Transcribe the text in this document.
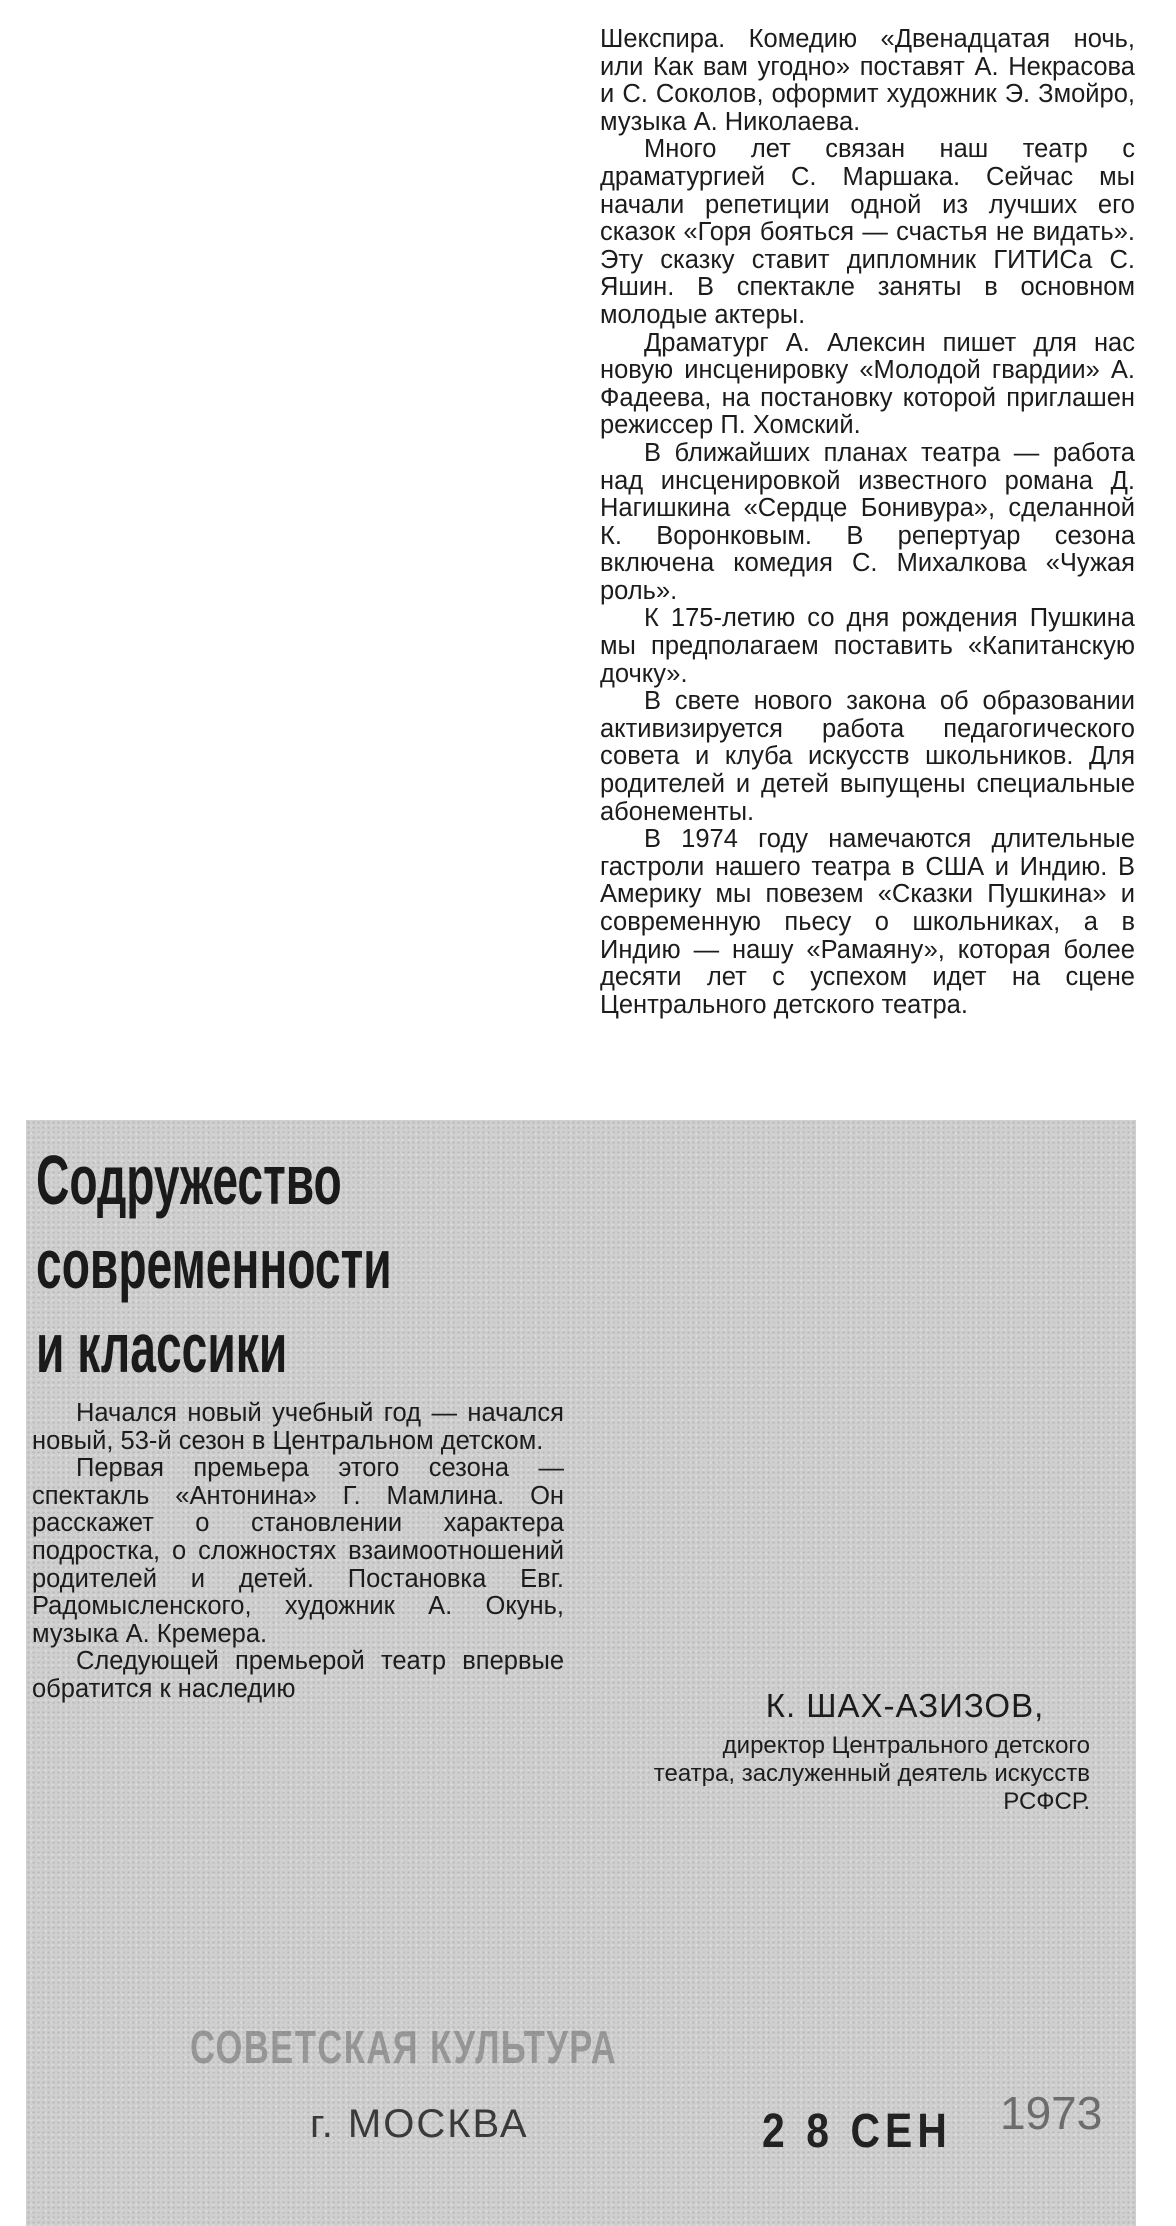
Шекспира. Комедию «Двенадцатая ночь, или Как вам угодно» поставят А. Некрасова и С. Соколов, оформит художник Э. Змойро, музыка А. Николаева.

Много лет связан наш театр с драматургией С. Маршака. Сейчас мы начали репетиции одной из лучших его сказок «Горя бояться — счастья не видать». Эту сказку ставит дипломник ГИТИСа С. Яшин. В спектакле заняты в основном молодые актеры.

Драматург А. Алексин пишет для нас новую инсценировку «Молодой гвардии» А. Фадеева, на постановку которой приглашен режиссер П. Хомский.

В ближайших планах театра — работа над инсценировкой известного романа Д. Нагишкина «Сердце Бонивура», сделанной К. Воронковым. В репертуар сезона включена комедия С. Михалкова «Чужая роль».

К 175-летию со дня рождения Пушкина мы предполагаем поставить «Капитанскую дочку».

В свете нового закона об образовании активизируется работа педагогического совета и клуба искусств школьников. Для родителей и детей выпущены специальные абонементы.

В 1974 году намечаются длительные гастроли нашего театра в США и Индию. В Америку мы повезем «Сказки Пушкина» и современную пьесу о школьниках, а в Индию — нашу «Рамаяну», которая более десяти лет с успехом идет на сцене Центрального детского театра.

Содружество
современности
и классики

Начался новый учебный год — начался новый, 53-й сезон в Центральном детском.

Первая премьера этого сезона — спектакль «Антонина» Г. Мамлина. Он расскажет о становлении характера подростка, о сложностях взаимоотношений родителей и детей. Постановка Евг. Радомысленского, художник А. Окунь, музыка А. Кремера.

Следующей премьерой театр впервые обратится к наследию	К. ШАХ-АЗИЗОВ,
директор Центрального детского театра, заслуженный деятель искусств РСФСР.
СОВЕТСКАЯ КУЛЬТУРА
г. МОСКВА	2 8 СЕН 1973
